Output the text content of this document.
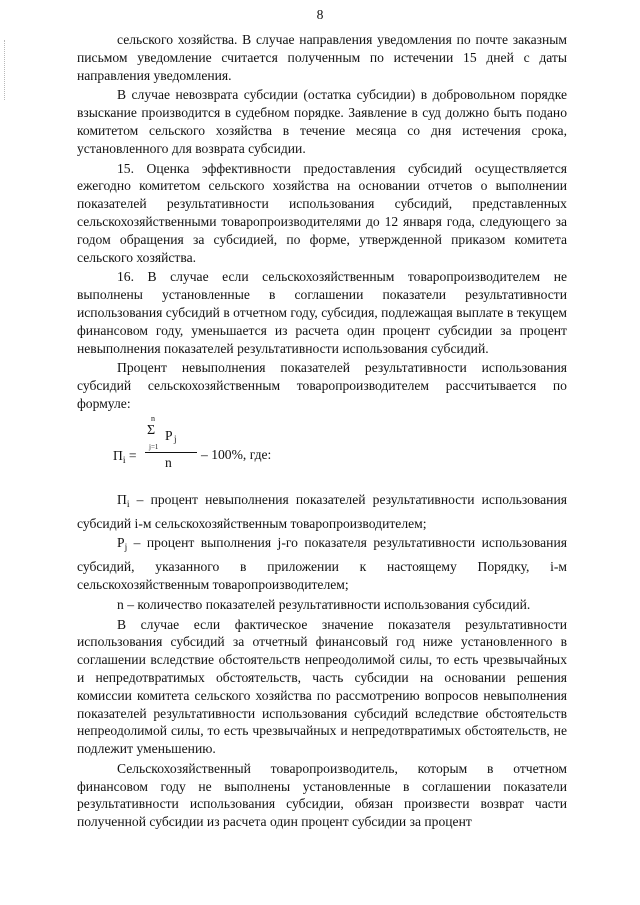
8
сельского хозяйства. В случае направления уведомления по почте заказным письмом уведомление считается полученным по истечении 15 дней с даты направления уведомления.
В случае невозврата субсидии (остатка субсидии) в добровольном порядке взыскание производится в судебном порядке. Заявление в суд должно быть подано комитетом сельского хозяйства в течение месяца со дня истечения срока, установленного для возврата субсидии.
15. Оценка эффективности предоставления субсидий осуществляется ежегодно комитетом сельского хозяйства на основании отчетов о выполнении показателей результативности использования субсидий, представленных сельскохозяйственными товаропроизводителями до 12 января года, следующего за годом обращения за субсидией, по форме, утвержденной приказом комитета сельского хозяйства.
16. В случае если сельскохозяйственным товаропроизводителем не выполнены установленные в соглашении показатели результативности использования субсидий в отчетном году, субсидия, подлежащая выплате в текущем финансовом году, уменьшается из расчета один процент субсидии за процент невыполнения показателей результативности использования субсидий.
Процент невыполнения показателей результативности использования субсидий сельскохозяйственным товаропроизводителем рассчитывается по формуле:
n
Σ P j
j=1
n
$П_i$ =	– 100%, где:
$П_i$ – процент невыполнения показателей результативности использования субсидий i-м сельскохозяйственным товаропроизводителем;
$P_j$ – процент выполнения j-го показателя результативности использования субсидий, указанного в приложении к настоящему Порядку, i-м сельскохозяйственным товаропроизводителем;
n – количество показателей результативности использования субсидий.
В случае если фактическое значение показателя результативности использования субсидий за отчетный финансовый год ниже установленного в соглашении вследствие обстоятельств непреодолимой силы, то есть чрезвычайных и непредотвратимых обстоятельств, часть субсидии на основании решения комиссии комитета сельского хозяйства по рассмотрению вопросов невыполнения показателей результативности использования субсидий вследствие обстоятельств непреодолимой силы, то есть чрезвычайных и непредотвратимых обстоятельств, не подлежит уменьшению.
Сельскохозяйственный товаропроизводитель, которым в отчетном финансовом году не выполнены установленные в соглашении показатели результативности использования субсидии, обязан произвести возврат части полученной субсидии из расчета один процент субсидии за процент
